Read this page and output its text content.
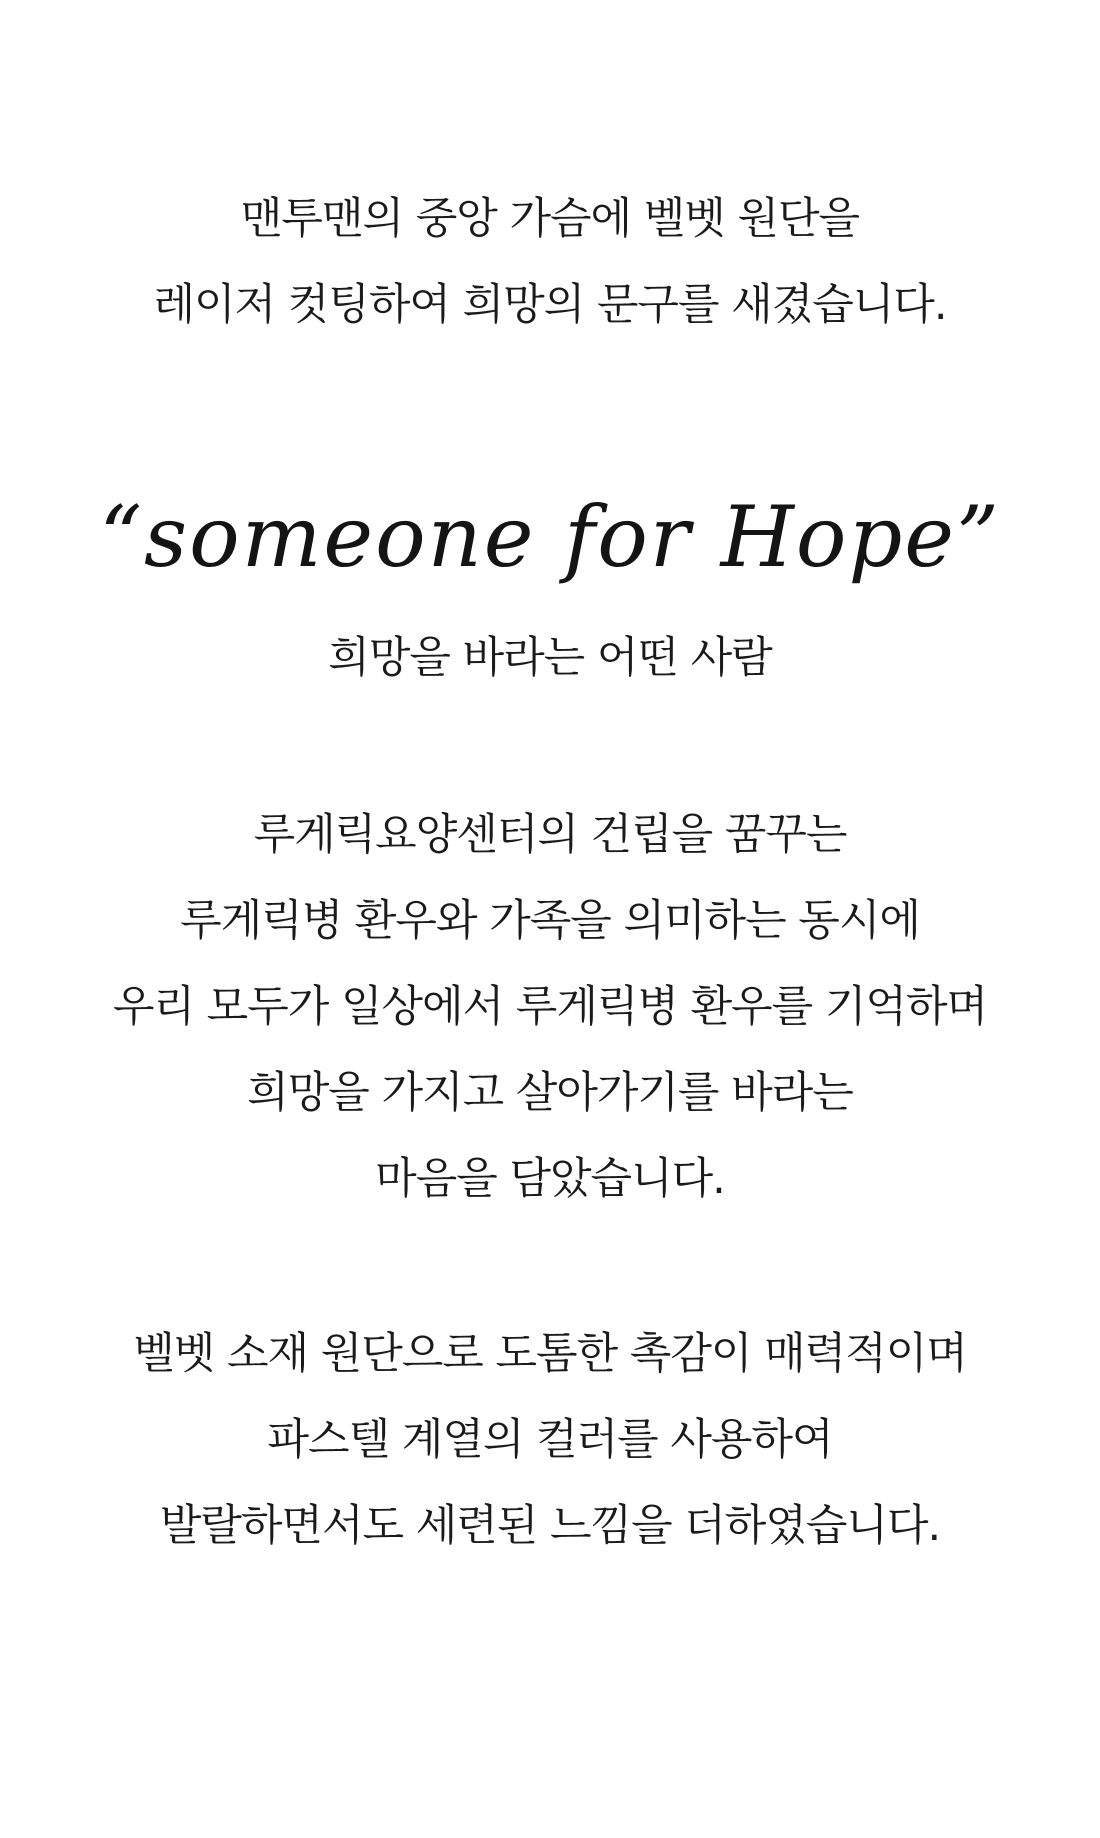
맨투맨의 중앙 가슴에 벨벳 원단을
레이저 컷팅하여 희망의 문구를 새겼습니다.
“someone for Hope”
희망을 바라는 어떤 사람
루게릭요양센터의 건립을 꿈꾸는
루게릭병 환우와 가족을 의미하는 동시에
우리 모두가 일상에서 루게릭병 환우를 기억하며
희망을 가지고 살아가기를 바라는
마음을 담았습니다.
벨벳 소재 원단으로 도톰한 촉감이 매력적이며
파스텔 계열의 컬러를 사용하여
발랄하면서도 세련된 느낌을 더하였습니다.
